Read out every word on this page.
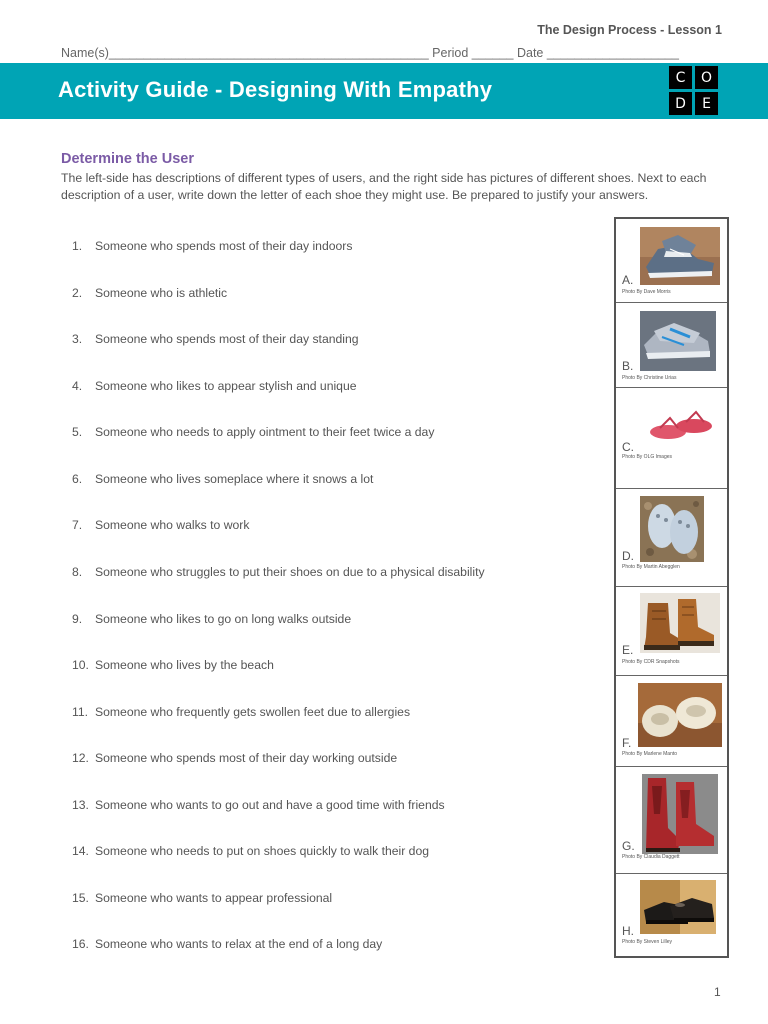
The Design Process - Lesson 1
Name(s)______________________________________________ Period ______ Date ___________________
Activity Guide - Designing With Empathy	C	O
D	E
Determine the User
The left-side has descriptions of different types of users, and the right side has pictures of different shoes. Next to each description of a user, write down the letter of each shoe they might use. Be prepared to justify your answers.
1. Someone who spends most of their day indoors
2. Someone who is athletic
3. Someone who spends most of their day standing
4. Someone who likes to appear stylish and unique
5. Someone who needs to apply ointment to their feet twice a day
6. Someone who lives someplace where it snows a lot
7. Someone who walks to work
8. Someone who struggles to put their shoes on due to a physical disability
9. Someone who likes to go on long walks outside
10. Someone who lives by the beach
11. Someone who frequently gets swollen feet due to allergies
12. Someone who spends most of their day working outside
13. Someone who wants to go out and have a good time with friends
14. Someone who needs to put on shoes quickly to walk their dog
15. Someone who wants to appear professional
16. Someone who wants to relax at the end of a long day
A.
Photo By Dave Morris
B.
Photo By Christine Urias
C.
Photo By OLG Images
D.
Photo By Martin Abegglen
E.
Photo By CDR Snapshots
F.
Photo By Marlene Manto
G.
Photo By Claudia Daggett
H.
Photo By Steven Lilley
1
